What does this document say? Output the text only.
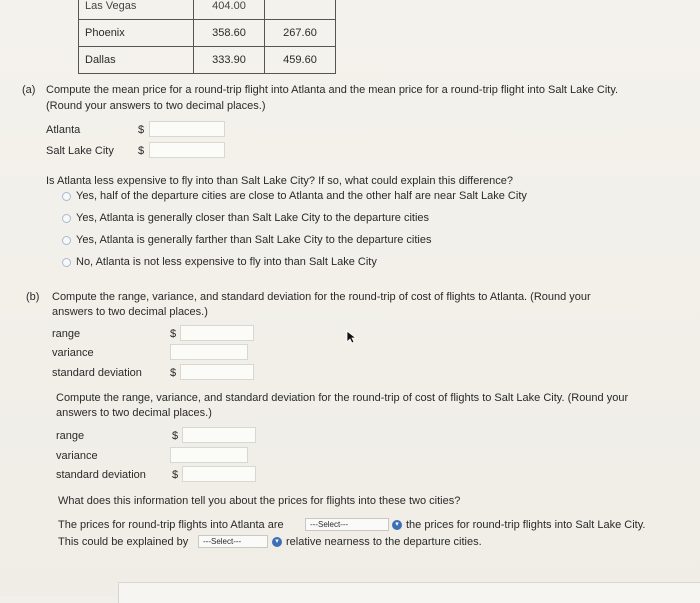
Las Vegas	404.00	
Phoenix	358.60	267.60
Dallas	333.90	459.60
(a) Compute the mean price for a round-trip flight into Atlanta and the mean price for a round-trip flight into Salt Lake City.
(Round your answers to two decimal places.)
Atlanta	$
Salt Lake City $
Is Atlanta less expensive to fly into than Salt Lake City? If so, what could explain this difference?
Yes, half of the departure cities are close to Atlanta and the other half are near Salt Lake City
Yes, Atlanta is generally closer than Salt Lake City to the departure cities
Yes, Atlanta is generally farther than Salt Lake City to the departure cities
No, Atlanta is not less expensive to fly into than Salt Lake City
(b) Compute the range, variance, and standard deviation for the round-trip of cost of flights to Atlanta. (Round your
answers to two decimal places.)
range	$
variance
standard deviation	$
Compute the range, variance, and standard deviation for the round-trip of cost of flights to Salt Lake City. (Round your
answers to two decimal places.)
range	$
variance
standard deviation $
What does this information tell you about the prices for flights into these two cities?
The prices for round-trip flights into Atlanta are	---Select---	▾ the prices for round-trip flights into Salt Lake City.
This could be explained by	---Select---	▾ relative nearness to the departure cities.
